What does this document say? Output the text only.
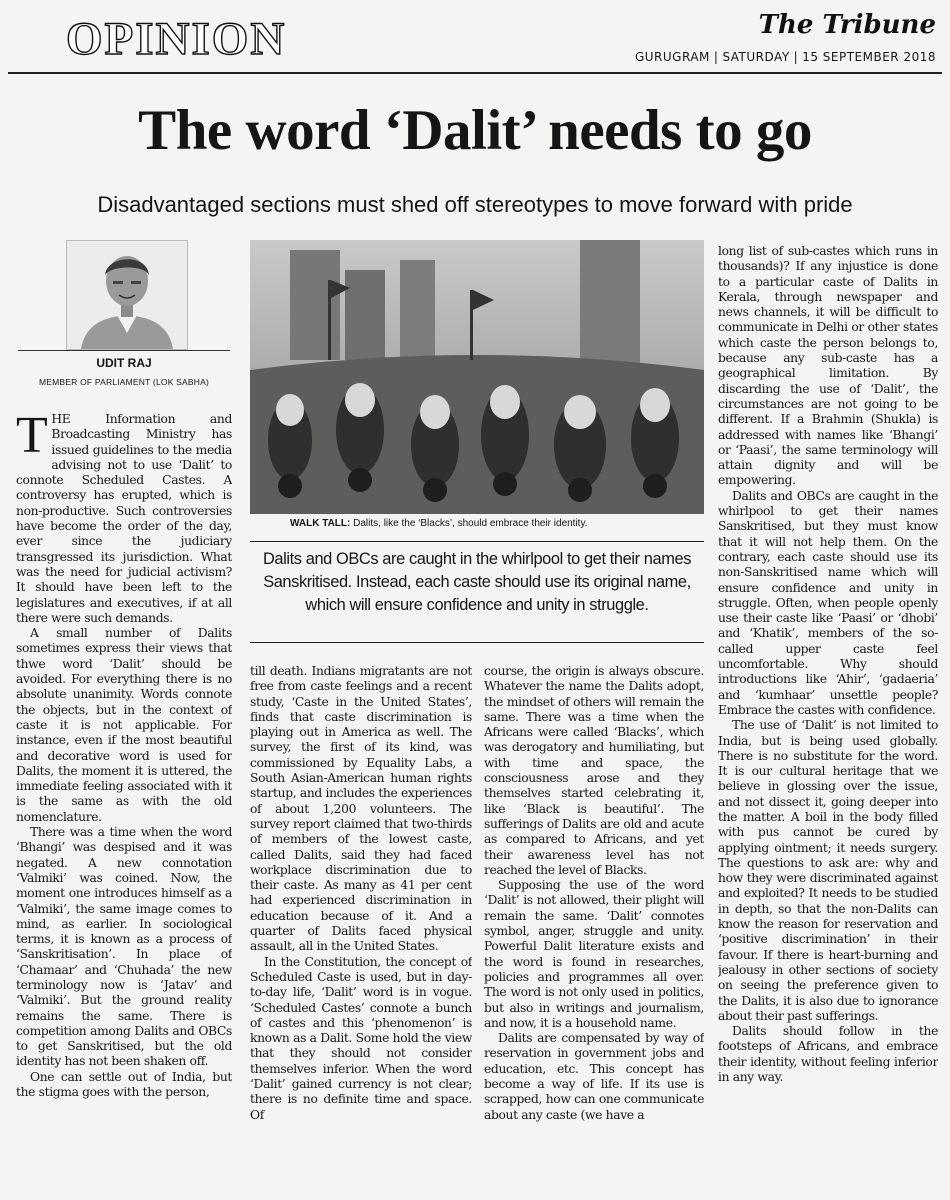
OPINION	The Tribune
GURUGRAM | SATURDAY | 15 SEPTEMBER 2018
The word ‘Dalit’ needs to go
Disadvantaged sections must shed off stereotypes to move forward with pride
UDIT RAJ
MEMBER OF PARLIAMENT (LOK SABHA)

THE Information and Broadcasting Ministry has issued guidelines to the media advising not to use ‘Dalit’ to connote Scheduled Castes. A controversy has erupted, which is non-productive. Such controversies have become the order of the day, ever since the judiciary transgressed its jurisdiction. What was the need for judicial activism? It should have been left to the legislatures and executives, if at all there were such demands.

A small number of Dalits sometimes express their views that thwe word ‘Dalit’ should be avoided. For everything there is no absolute unanimity. Words connote the objects, but in the context of caste it is not applicable. For instance, even if the most beautiful and decorative word is used for Dalits, the moment it is uttered, the immediate feeling associated with it is the same as with the old nomenclature.

There was a time when the word ‘Bhangi’ was despised and it was negated. A new connotation ‘Valmiki’ was coined. Now, the moment one introduces himself as a ‘Valmiki’, the same image comes to mind, as earlier. In sociological terms, it is known as a process of ‘Sanskritisation’. In place of ‘Chamaar’ and ‘Chuhada’ the new terminology now is ‘Jatav’ and ‘Valmiki’. But the ground reality remains the same. There is competition among Dalits and OBCs to get Sanskritised, but the old identity has not been shaken off.

One can settle out of India, but the stigma goes with the person,

WALK TALL: Dalits, like the ‘Blacks’, should embrace their identity.
Dalits and OBCs are caught in the whirlpool to get their names Sanskritised. Instead, each caste should use its original name, which will ensure confidence and unity in struggle.

till death. Indians migratants are not free from caste feelings and a recent study, ‘Caste in the United States’, finds that caste discrimination is playing out in America as well. The survey, the first of its kind, was commissioned by Equality Labs, a South Asian-American human rights startup, and includes the experiences of about 1,200 volunteers. The survey report claimed that two-thirds of members of the lowest caste, called Dalits, said they had faced workplace discrimination due to their caste. As many as 41 per cent had experienced discrimination in education because of it. And a quarter of Dalits faced physical assault, all in the United States.

In the Constitution, the concept of Scheduled Caste is used, but in day-to-day life, ‘Dalit’ word is in vogue. ‘Scheduled Castes’ connote a bunch of castes and this ‘phenomenon’ is known as a Dalit. Some hold the view that they should not consider themselves inferior. When the word ‘Dalit’ gained currency is not clear; there is no definite time and space. Of

course, the origin is always obscure. Whatever the name the Dalits adopt, the mindset of others will remain the same. There was a time when the Africans were called ‘Blacks’, which was derogatory and humiliating, but with time and space, the consciousness arose and they themselves started celebrating it, like ‘Black is beautiful’. The sufferings of Dalits are old and acute as compared to Africans, and yet their awareness level has not reached the level of Blacks.

Supposing the use of the word ‘Dalit’ is not allowed, their plight will remain the same. ‘Dalit’ connotes symbol, anger, struggle and unity. Powerful Dalit literature exists and the word is found in researches, policies and programmes all over. The word is not only used in politics, but also in writings and journalism, and now, it is a household name.

Dalits are compensated by way of reservation in government jobs and education, etc. This concept has become a way of life. If its use is scrapped, how can one communicate about any caste (we have a

long list of sub-castes which runs in thousands)? If any injustice is done to a particular caste of Dalits in Kerala, through newspaper and news channels, it will be difficult to communicate in Delhi or other states which caste the person belongs to, because any sub-caste has a geographical limitation. By discarding the use of ‘Dalit’, the circumstances are not going to be different. If a Brahmin (Shukla) is addressed with names like ‘Bhangi’ or ‘Paasi’, the same terminology will attain dignity and will be empowering.

Dalits and OBCs are caught in the whirlpool to get their names Sanskritised, but they must know that it will not help them. On the contrary, each caste should use its non-Sanskritised name which will ensure confidence and unity in struggle. Often, when people openly use their caste like ‘Paasi’ or ‘dhobi’ and ‘Khatik’, members of the so-called upper caste feel uncomfortable. Why should introductions like ‘Ahir’, ‘gadaeria’ and ‘kumhaar’ unsettle people? Embrace the castes with confidence.

The use of ‘Dalit’ is not limited to India, but is being used globally. There is no substitute for the word. It is our cultural heritage that we believe in glossing over the issue, and not dissect it, going deeper into the matter. A boil in the body filled with pus cannot be cured by applying ointment; it needs surgery. The questions to ask are: why and how they were discriminated against and exploited? It needs to be studied in depth, so that the non-Dalits can know the reason for reservation and ‘positive discrimination’ in their favour. If there is heart-burning and jealousy in other sections of society on seeing the preference given to the Dalits, it is also due to ignorance about their past sufferings.

Dalits should follow in the footsteps of Africans, and embrace their identity, without feeling inferior in any way.
